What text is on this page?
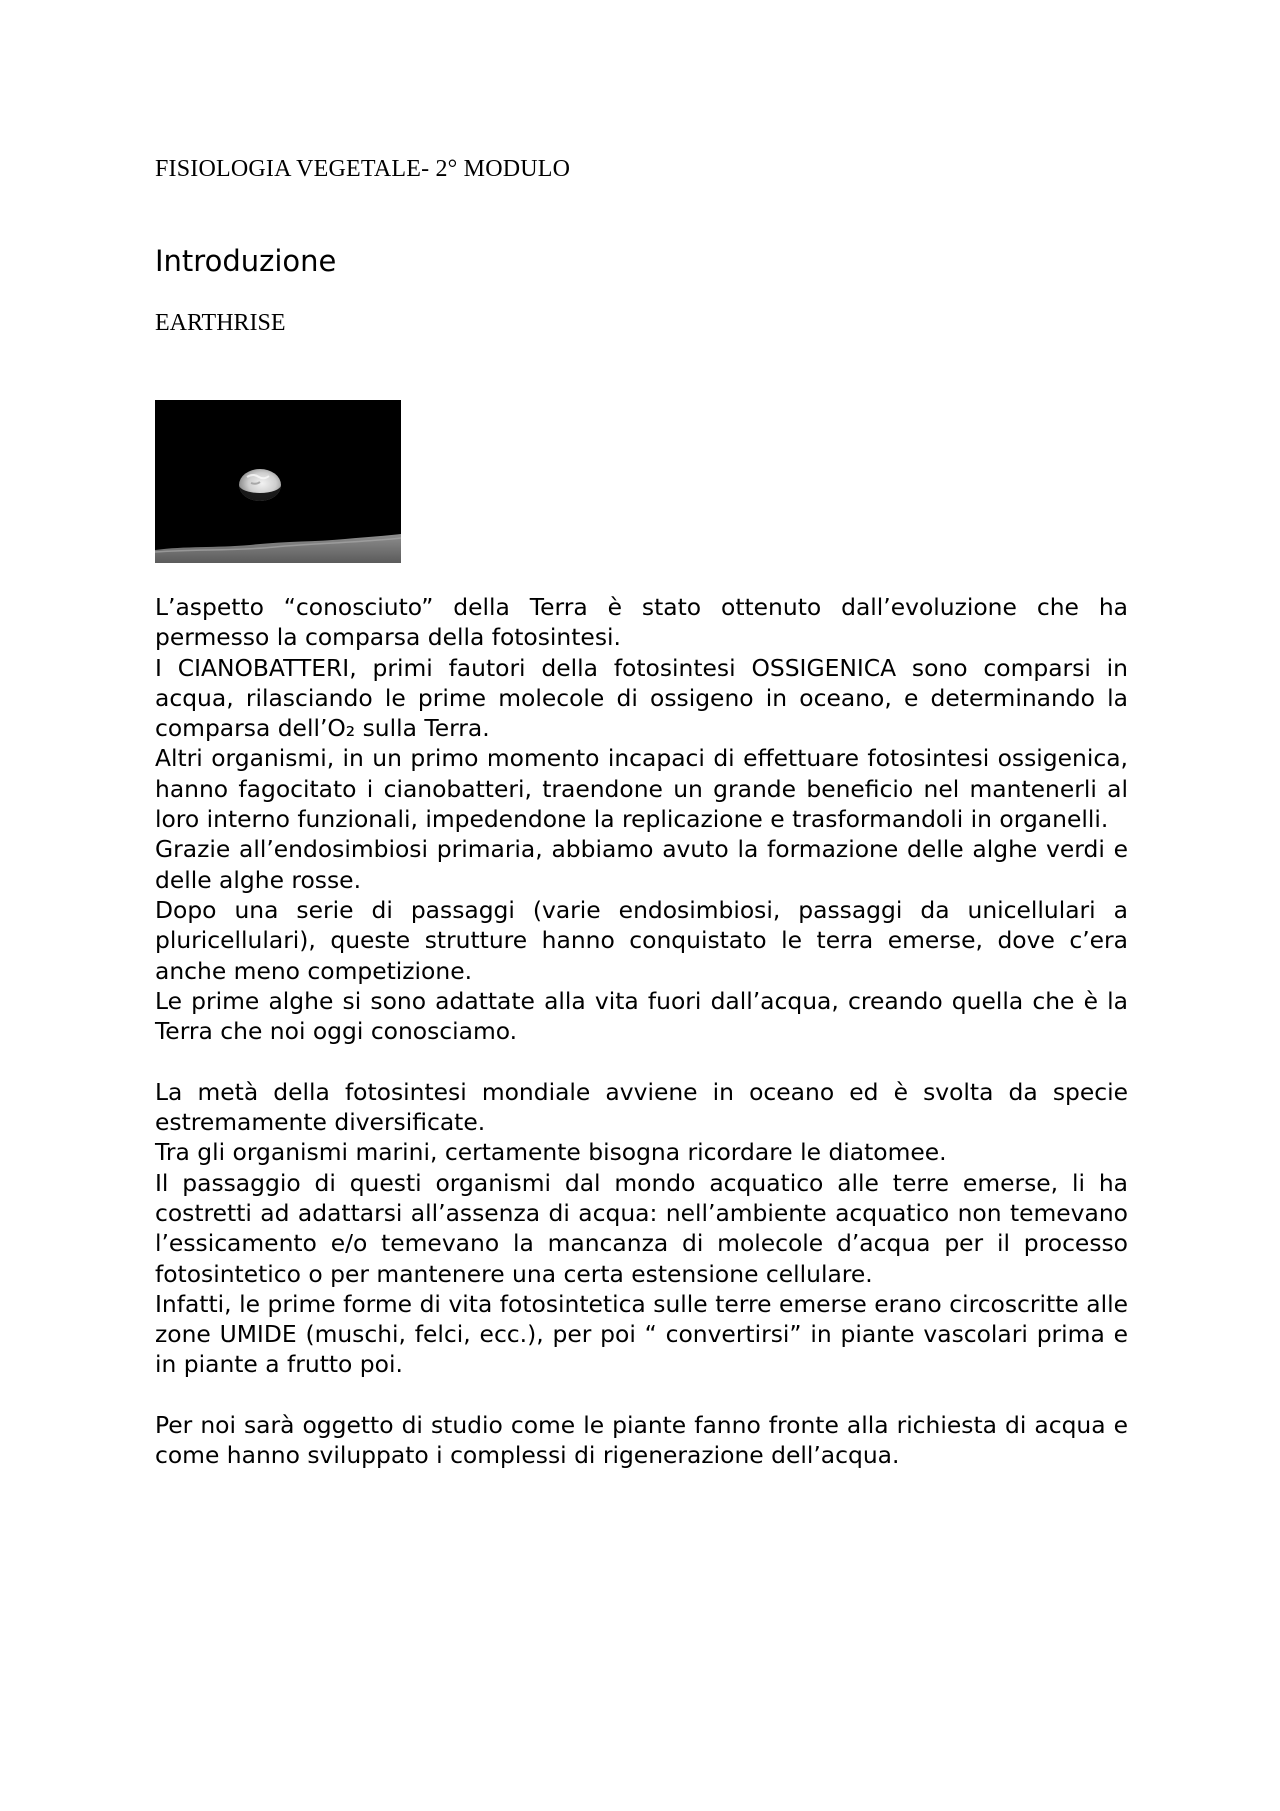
FISIOLOGIA VEGETALE- 2° MODULO
Introduzione
EARTHRISE

L’aspetto “conosciuto” della Terra è stato ottenuto dall’evoluzione che ha permesso la comparsa della fotosintesi.

I CIANOBATTERI, primi fautori della fotosintesi OSSIGENICA sono comparsi in acqua, rilasciando le prime molecole di ossigeno in oceano, e determinando la comparsa dell’O₂ sulla Terra.

Altri organismi, in un primo momento incapaci di effettuare fotosintesi ossigenica, hanno fagocitato i cianobatteri, traendone un grande beneficio nel mantenerli al loro interno funzionali, impedendone la replicazione e trasformandoli in organelli.

Grazie all’endosimbiosi primaria, abbiamo avuto la formazione delle alghe verdi e delle alghe rosse.

Dopo una serie di passaggi (varie endosimbiosi, passaggi da unicellulari a pluricellulari), queste strutture hanno conquistato le terra emerse, dove c’era anche meno competizione.

Le prime alghe si sono adattate alla vita fuori dall’acqua, creando quella che è la Terra che noi oggi conosciamo.

La metà della fotosintesi mondiale avviene in oceano ed è svolta da specie estremamente diversificate.

Tra gli organismi marini, certamente bisogna ricordare le diatomee.

Il passaggio di questi organismi dal mondo acquatico alle terre emerse, li ha costretti ad adattarsi all’assenza di acqua: nell’ambiente acquatico non temevano l’essicamento e/o temevano la mancanza di molecole d’acqua per il processo fotosintetico o per mantenere una certa estensione cellulare.

Infatti, le prime forme di vita fotosintetica sulle terre emerse erano circoscritte alle zone UMIDE (muschi, felci, ecc.), per poi “ convertirsi” in piante vascolari prima e in piante a frutto poi.

Per noi sarà oggetto di studio come le piante fanno fronte alla richiesta di acqua e come hanno sviluppato i complessi di rigenerazione dell’acqua.
